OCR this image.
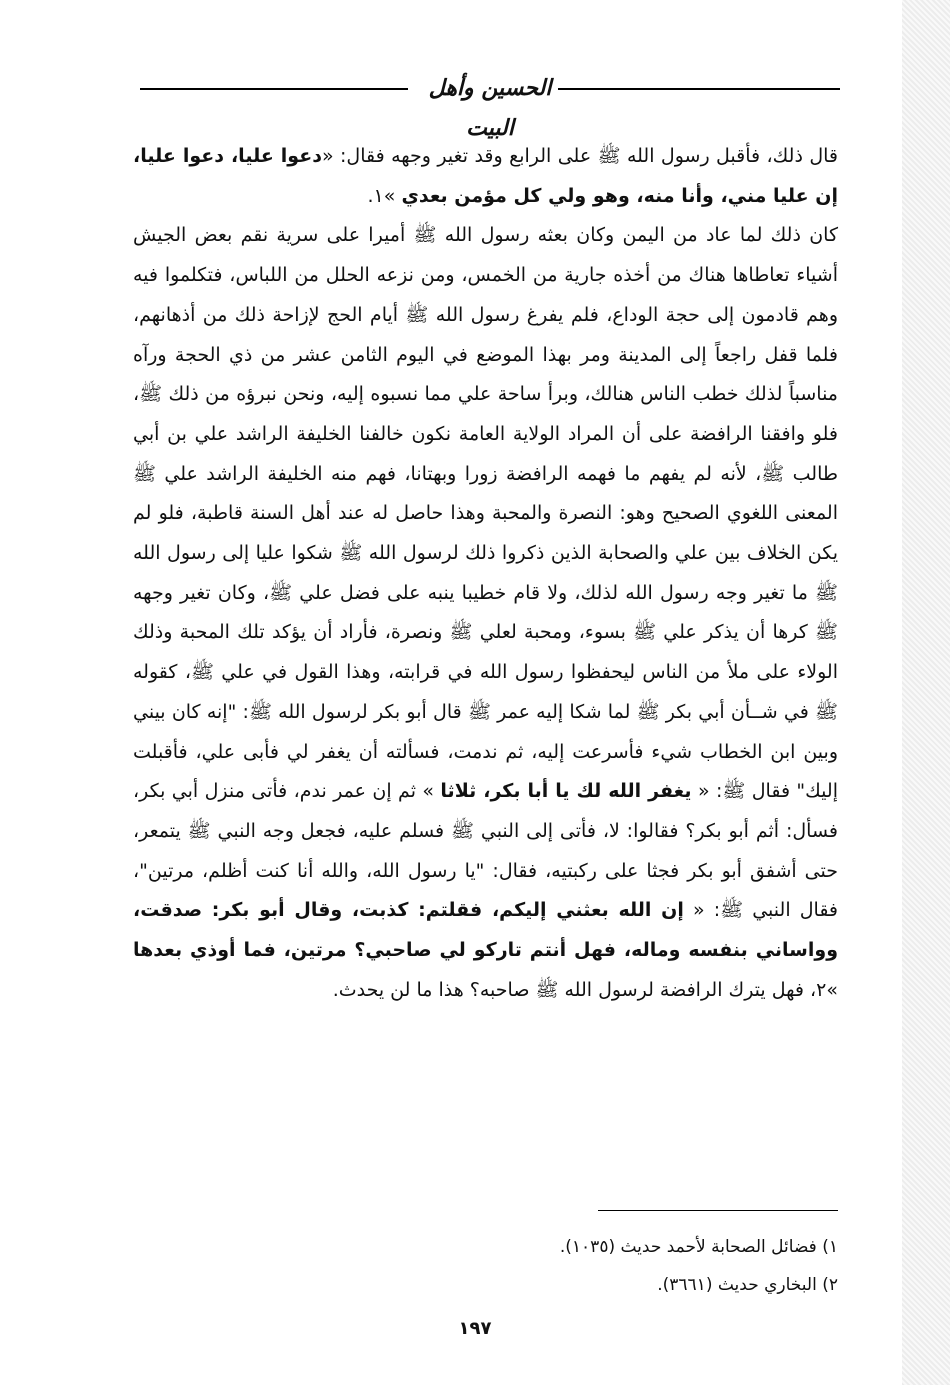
الحسين وأهل البيت

قال ذلك، فأقبل رسول الله ﷺ على الرابع وقد تغير وجهه فقال: «دعوا عليا، دعوا عليا، إن عليا مني، وأنا منه، وهو ولي كل مؤمن بعدي »١.

كان ذلك لما عاد من اليمن وكان بعثه رسول الله ﷺ أميرا على سرية نقم بعض الجيش أشياء تعاطاها هناك من أخذه جارية من الخمس، ومن نزعه الحلل من اللباس، فتكلموا فيه وهم قادمون إلى حجة الوداع، فلم يفرغ رسول الله ﷺ أيام الحج لإزاحة ذلك من أذهانهم، فلما قفل راجعاً إلى المدينة ومر بهذا الموضع في اليوم الثامن عشر من ذي الحجة ورآه مناسباً لذلك خطب الناس هنالك، وبرأ ساحة علي مما نسبوه إليه، ونحن نبرؤه من ذلك ﷺ، فلو وافقنا الرافضة على أن المراد الولاية العامة نكون خالفنا الخليفة الراشد علي بن أبي طالب ﷺ، لأنه لم يفهم ما فهمه الرافضة زورا وبهتانا، فهم منه الخليفة الراشد علي ﷺ المعنى اللغوي الصحيح وهو: النصرة والمحبة وهذا حاصل له عند أهل السنة قاطبة، فلو لم يكن الخلاف بين علي والصحابة الذين ذكروا ذلك لرسول الله ﷺ شكوا عليا إلى رسول الله ﷺ ما تغير وجه رسول الله لذلك، ولا قام خطيبا ينبه على فضل علي ﷺ، وكان تغير وجهه ﷺ كرها أن يذكر علي ﷺ بسوء، ومحبة لعلي ﷺ ونصرة، فأراد أن يؤكد تلك المحبة وذلك الولاء على ملأ من الناس ليحفظوا رسول الله في قرابته، وهذا القول في علي ﷺ، كقوله ﷺ في شــأن أبي بكر ﷺ لما شكا إليه عمر ﷺ قال أبو بكر لرسول الله ﷺ: "إنه كان بيني وبين ابن الخطاب شيء فأسرعت إليه، ثم ندمت، فسألته أن يغفر لي فأبى علي، فأقبلت إليك" فقال ﷺ: « يغفر الله لك يا أبا بكر، ثلاثا » ثم إن عمر ندم، فأتى منزل أبي بكر، فسأل: أثم أبو بكر؟ فقالوا: لا، فأتى إلى النبي ﷺ فسلم عليه، فجعل وجه النبي ﷺ يتمعر، حتى أشفق أبو بكر فجثا على ركبتيه، فقال: "يا رسول الله، والله أنا كنت أظلم، مرتين"، فقال النبي ﷺ: « إن الله بعثني إليكم، فقلتم: كذبت، وقال أبو بكر: صدقت، وواساني بنفسه وماله، فهل أنتم تاركو لي صاحبي؟ مرتين، فما أوذي بعدها »٢، فهل يترك الرافضة لرسول الله ﷺ صاحبه؟ هذا ما لن يحدث.

١) فضائل الصحابة لأحمد حديث (١٠٣٥).

٢) البخاري حديث (٣٦٦١).

١٩٧
